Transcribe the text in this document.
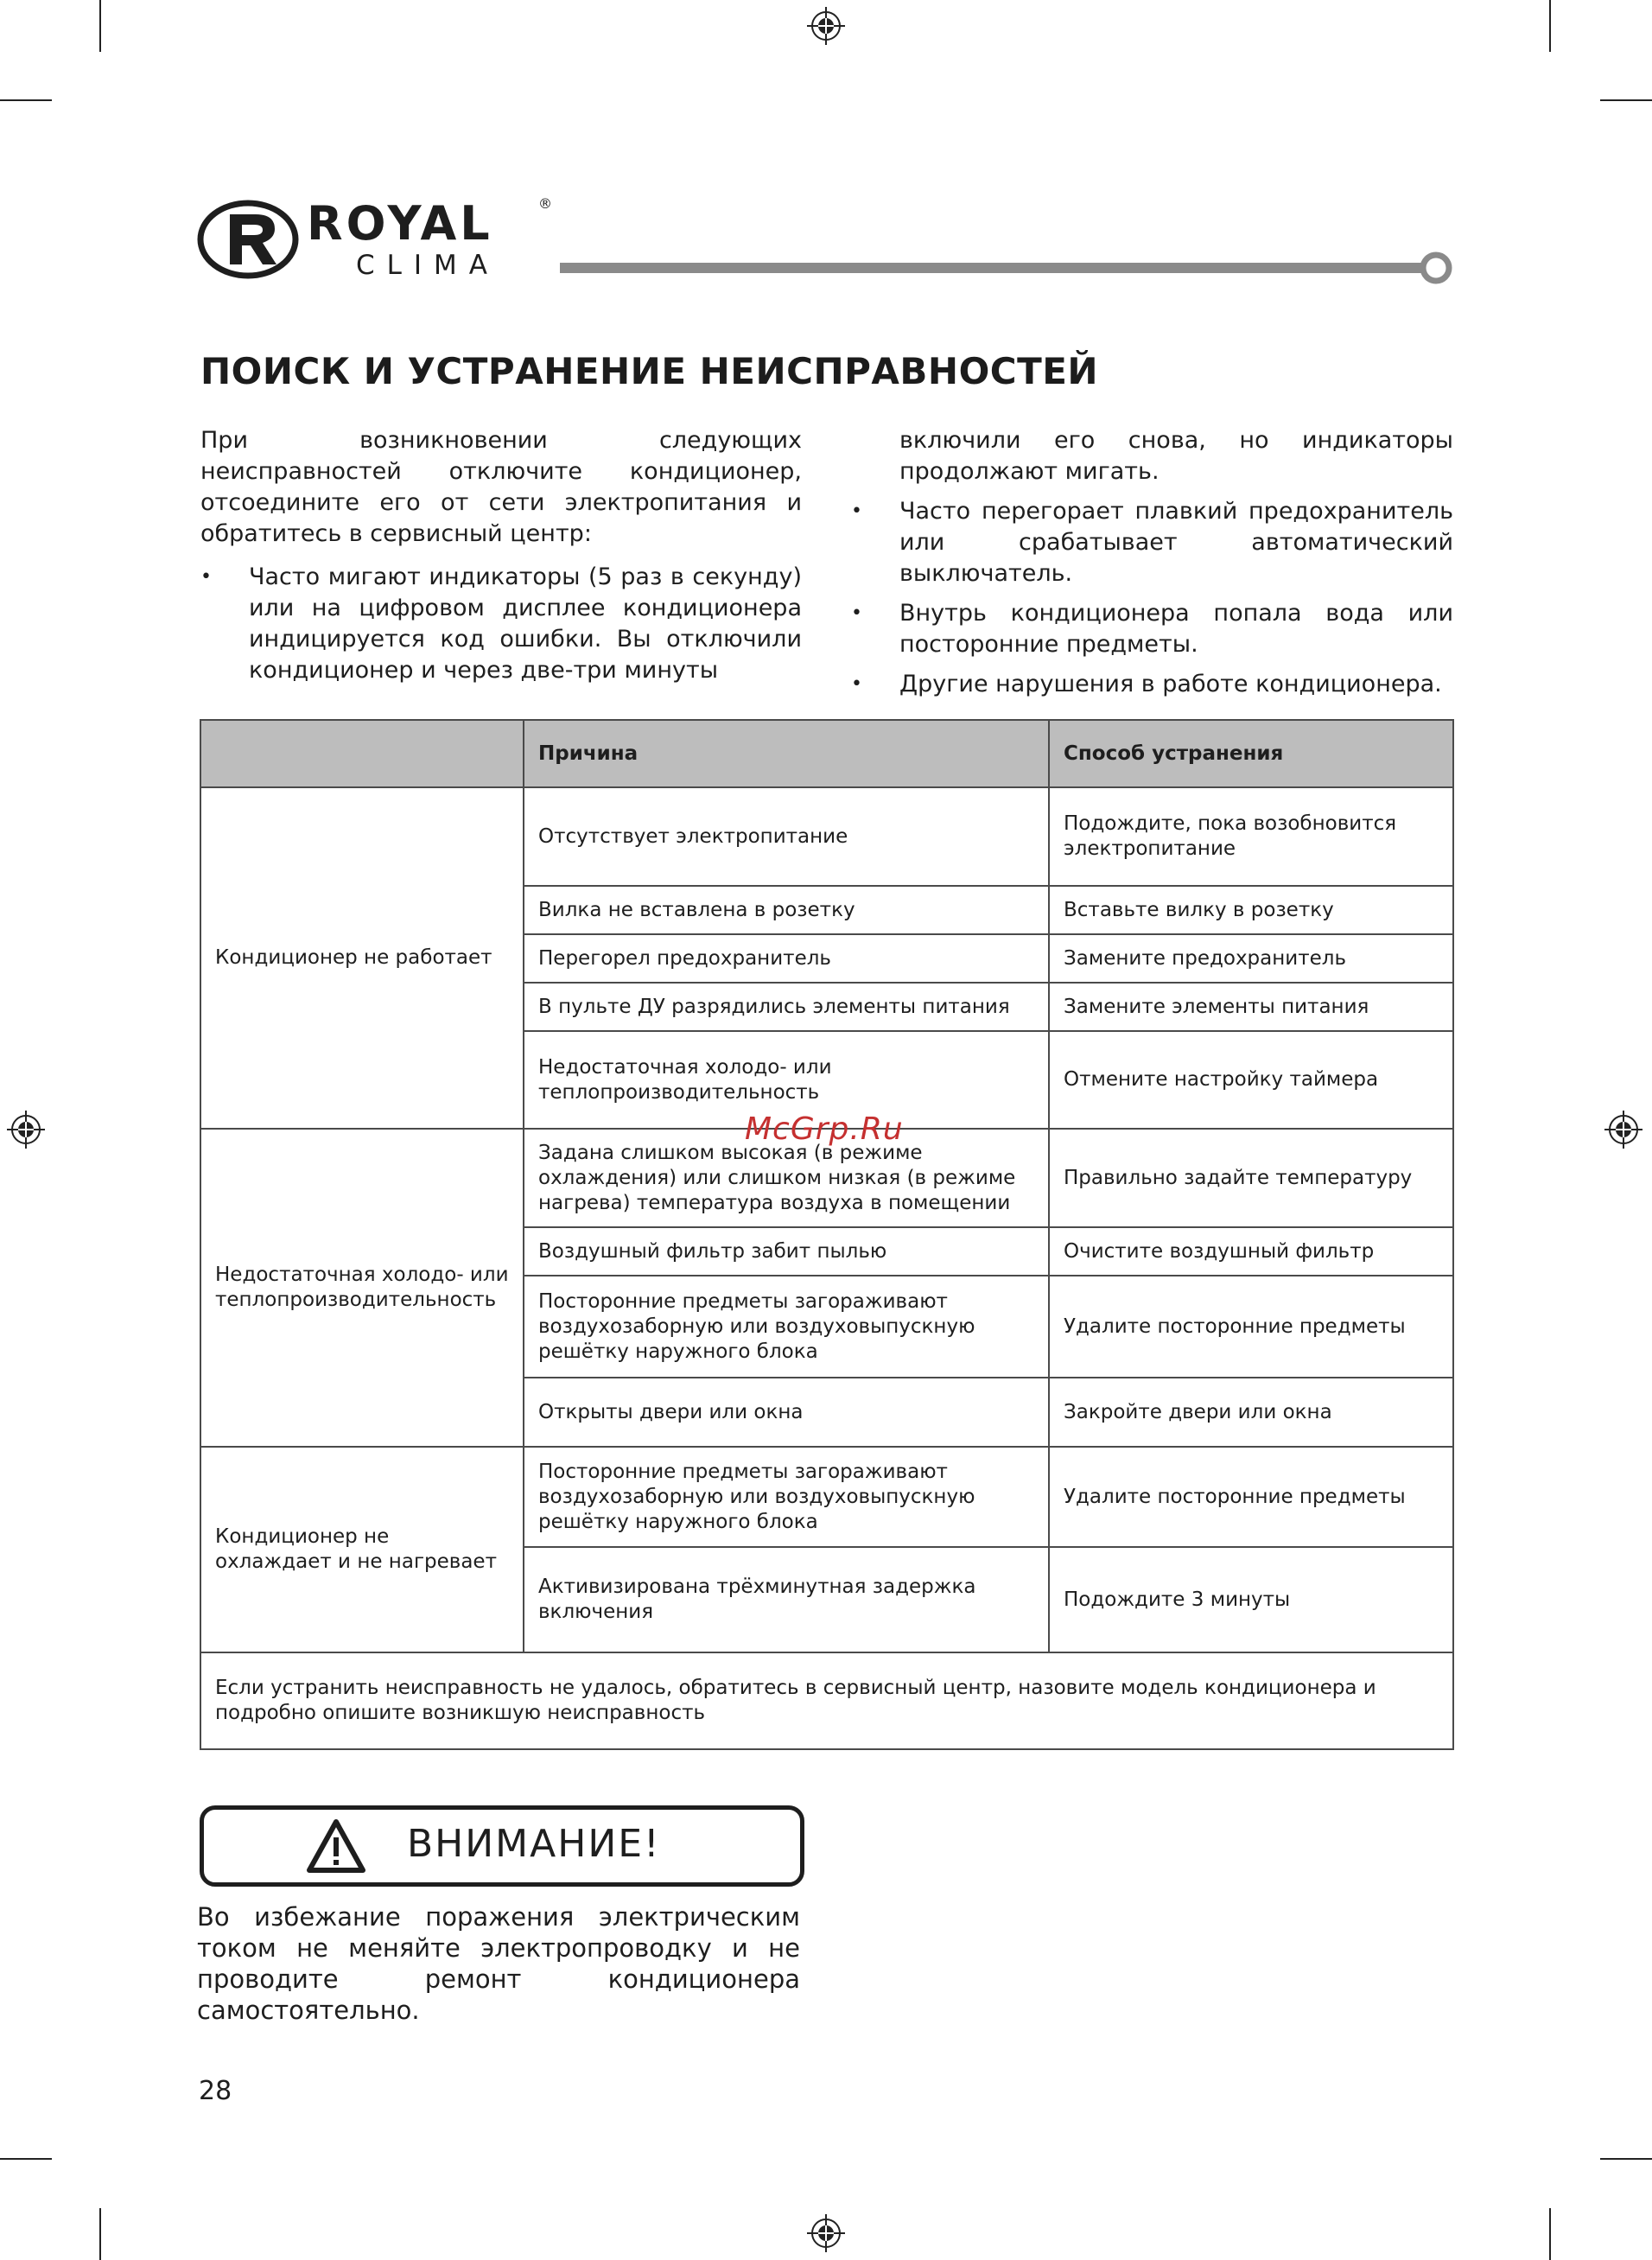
ROYAL
CLIMA
®
ПОИСК И УСТРАНЕНИЕ НЕИСПРАВНОСТЕЙ
При возникновении следующих неисправностей отключите кондиционер, отсоедините его от сети электропитания и обратитесь в сервисный центр:
• Часто мигают индикаторы (5 раз в секунду) или на цифровом дисплее кондиционера индицируется код ошибки. Вы отключили кондиционер и через две-три минуты
включили его снова, но индикаторы продолжают мигать.
• Часто перегорает плавкий предохранитель или срабатывает автоматический выключатель.
• Внутрь кондиционера попала вода или посторонние предметы.
• Другие нарушения в работе кондиционера.
	Причина	Способ устранения
Кондиционер не работает	Отсутствует электропитание	Подождите, пока возобновится электропитание
	Вилка не вставлена в розетку	Вставьте вилку в розетку
	Перегорел предохранитель	Замените предохранитель
	В пульте ДУ разрядились элементы питания	Замените элементы питания
	Недостаточная холодо- или теплопроизводительность	Отмените настройку таймера
Недостаточная холодо- или теплопроизводительность	Задана слишком высокая (в режиме охлаждения) или слишком низкая (в режиме нагрева) температура воздуха в помещении	Правильно задайте температуру
	Воздушный фильтр забит пылью	Очистите воздушный фильтр
	Посторонние предметы загораживают воздухозаборную или воздуховыпускную решётку наружного блока	Удалите посторонние предметы
	Открыты двери или окна	Закройте двери или окна
Кондиционер не охлаждает и не нагревает	Посторонние предметы загораживают воздухозаборную или воздуховыпускную решётку наружного блока	Удалите посторонние предметы
	Активизирована трёхминутная задержка включения	Подождите 3 минуты
Если устранить неисправность не удалось, обратитесь в сервисный центр, назовите модель кондиционера и подробно опишите возникшую неисправность		
McGrp.Ru
ВНИМАНИЕ!
Во избежание поражения электрическим током не меняйте электропроводку и не проводите ремонт кондиционера самостоятельно.
28
